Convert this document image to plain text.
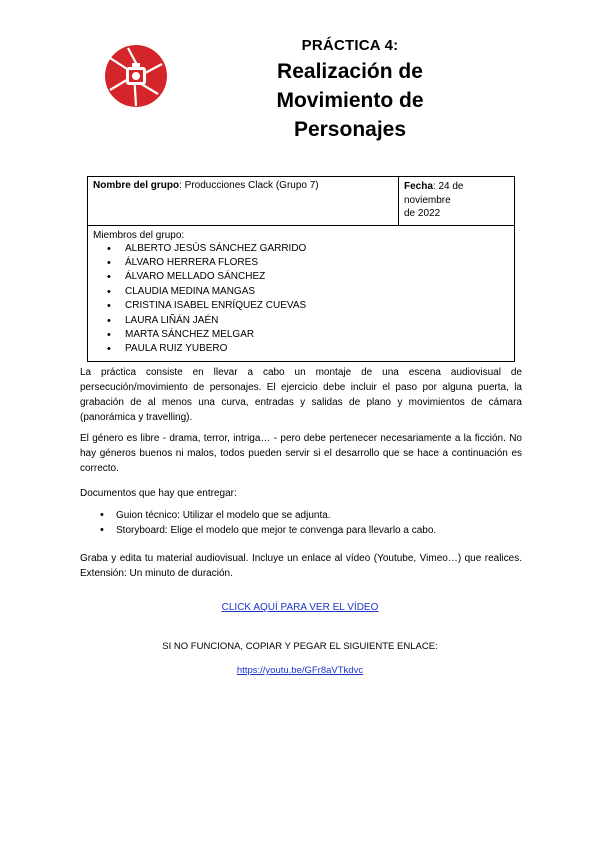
PRÁCTICA 4:
Realización de
Movimiento de
Personajes
Nombre del grupo: Producciones Clack (Grupo 7)	Fecha: 24 de
noviembre
de 2022

Miembros del grupo:
• ALBERTO JESÚS SÁNCHEZ GARRIDO
• ÁLVARO HERRERA FLORES
• ÁLVARO MELLADO SÁNCHEZ
• CLAUDIA MEDINA MANGAS
• CRISTINA ISABEL ENRÍQUEZ CUEVAS
• LAURA LIÑÁN JAÉN
• MARTA SÁNCHEZ MELGAR
• PAULA RUIZ YUBERO
La práctica consiste en llevar a cabo un montaje de una escena audiovisual de persecución/movimiento de personajes. El ejercicio debe incluir el paso por alguna puerta, la grabación de al menos una curva, entradas y salidas de plano y movimientos de cámara (panorámica y travelling).
El género es libre - drama, terror, intriga… - pero debe pertenecer necesariamente a la ficción. No hay géneros buenos ni malos, todos pueden servir si el desarrollo que se hace a continuación es correcto.
Documentos que hay que entregar:
• Guion técnico: Utilizar el modelo que se adjunta.
• Storyboard: Elige el modelo que mejor te convenga para llevarlo a cabo.
Graba y edita tu material audiovisual. Incluye un enlace al vídeo (Youtube, Vimeo…) que realices. Extensión: Un minuto de duración.
CLICK AQUÍ PARA VER EL VÍDEO
SI NO FUNCIONA, COPIAR Y PEGAR EL SIGUIENTE ENLACE:
https://youtu.be/GFr8aVTkdvc
